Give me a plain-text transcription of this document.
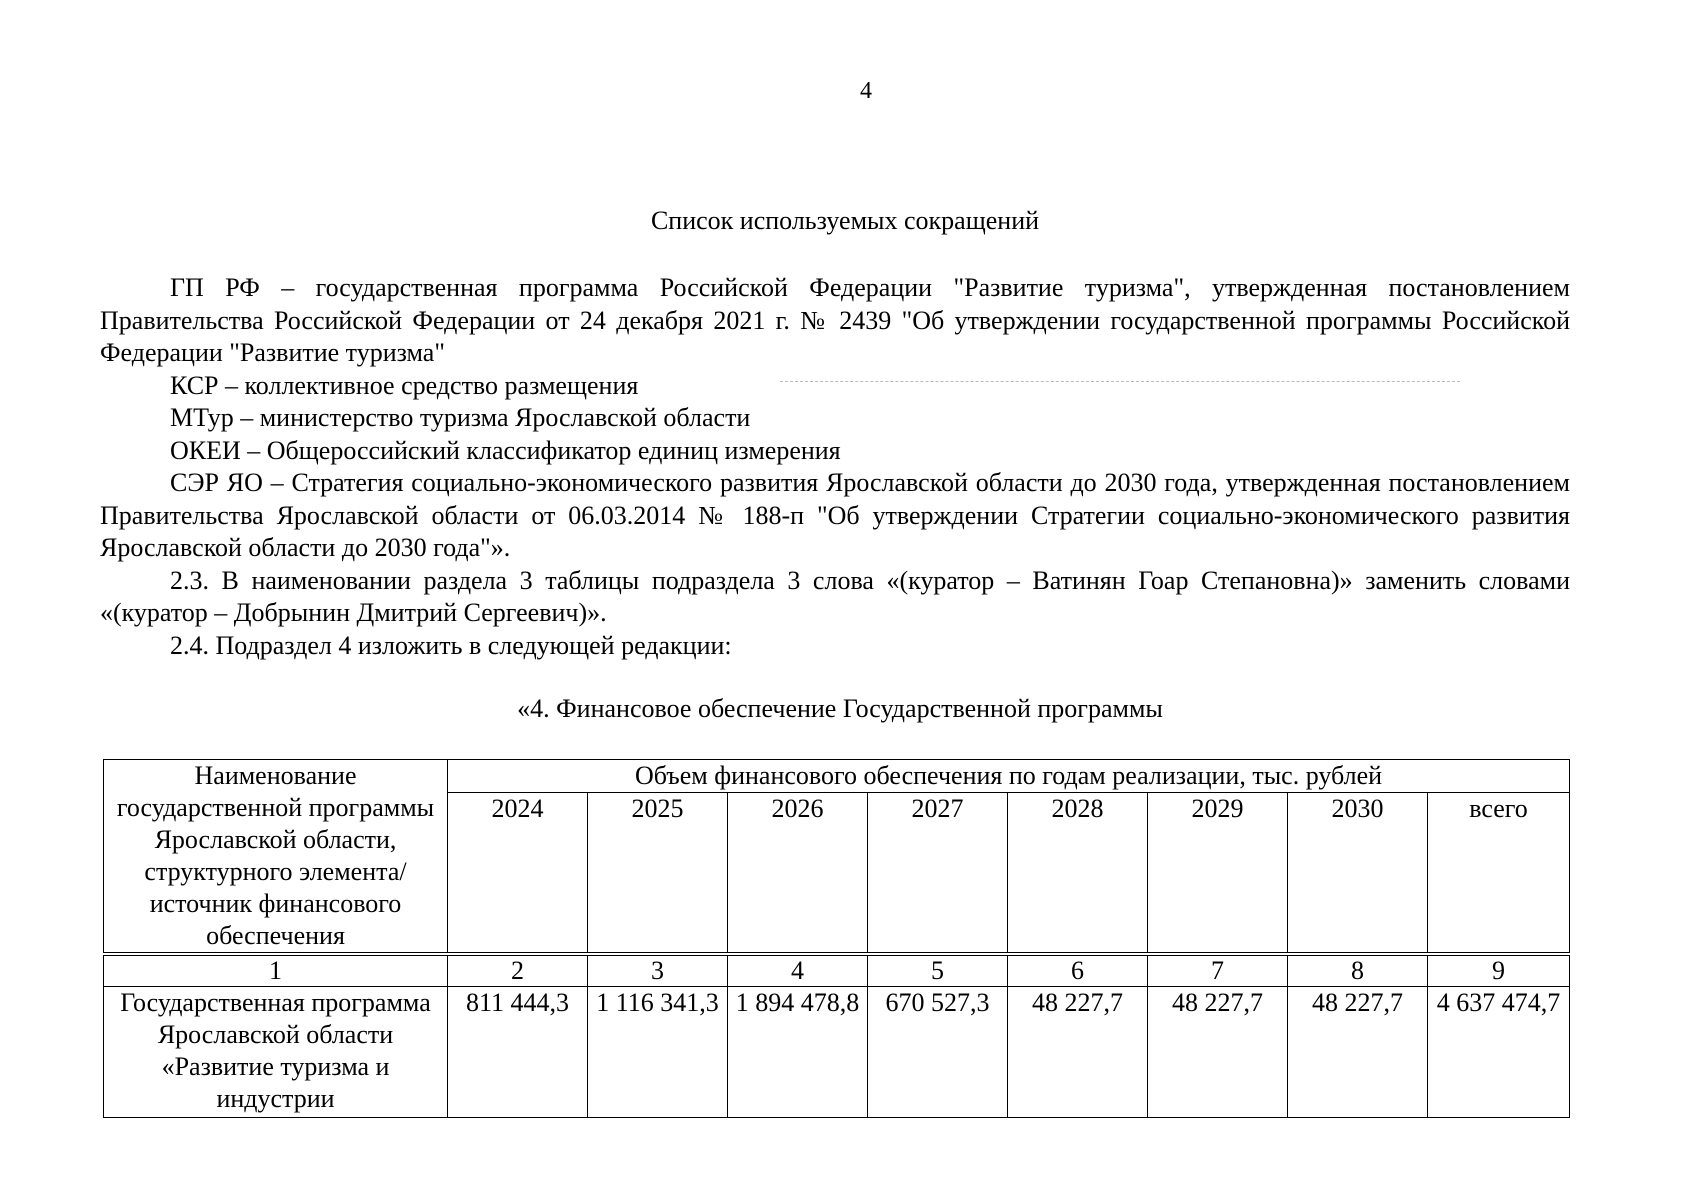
4
Список используемых сокращений

ГП РФ – государственная программа Российской Федерации "Развитие туризма", утвержденная постановлением Правительства Российской Федерации от 24 декабря 2021 г. № 2439 "Об утверждении государственной программы Российской Федерации "Развитие туризма"

КСР – коллективное средство размещения

МТур – министерство туризма Ярославской области

ОКЕИ – Общероссийский классификатор единиц измерения

СЭР ЯО – Стратегия социально-экономического развития Ярославской области до 2030 года, утвержденная постановлением Правительства Ярославской области от 06.03.2014 № 188-п "Об утверждении Стратегии социально-экономического развития Ярославской области до 2030 года"».

2.3. В наименовании раздела 3 таблицы подраздела 3 слова «(куратор – Ватинян Гоар Степановна)» заменить словами «(куратор – Добрынин Дмитрий Сергеевич)».

2.4. Подраздел 4 изложить в следующей редакции:

«4. Финансовое обеспечение Государственной программы
Наименование государственной программы Ярославской области, структурного элемента/ источник финансового обеспечения	Объем финансового обеспечения по годам реализации, тыс. рублей							
	2024	2025	2026	2027	2028	2029	2030	всего
1	2	3	4	5	6	7	8	9
Государственная программа Ярославской области «Развитие туризма и индустрии	811 444,3	1 116 341,3	1 894 478,8	670 527,3	48 227,7	48 227,7	48 227,7	4 637 474,7
